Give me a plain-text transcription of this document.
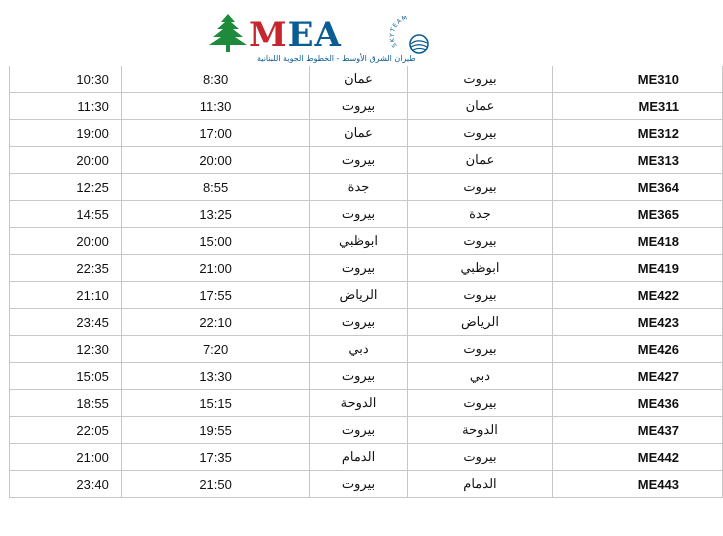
MEA
طيران الشرق الأوسط - الخطوط الجوية اللبنانية
SKYTEAM
10:30	8:30	عمان	بيروت	ME310
11:30	11:30	بيروت	عمان	ME311
19:00	17:00	عمان	بيروت	ME312
20:00	20:00	بيروت	عمان	ME313
12:25	8:55	جدة	بيروت	ME364
14:55	13:25	بيروت	جدة	ME365
20:00	15:00	ابوظبي	بيروت	ME418
22:35	21:00	بيروت	ابوظبي	ME419
21:10	17:55	الرياض	بيروت	ME422
23:45	22:10	بيروت	الرياض	ME423
12:30	7:20	دبي	بيروت	ME426
15:05	13:30	بيروت	دبي	ME427
18:55	15:15	الدوحة	بيروت	ME436
22:05	19:55	بيروت	الدوحة	ME437
21:00	17:35	الدمام	بيروت	ME442
23:40	21:50	بيروت	الدمام	ME443
